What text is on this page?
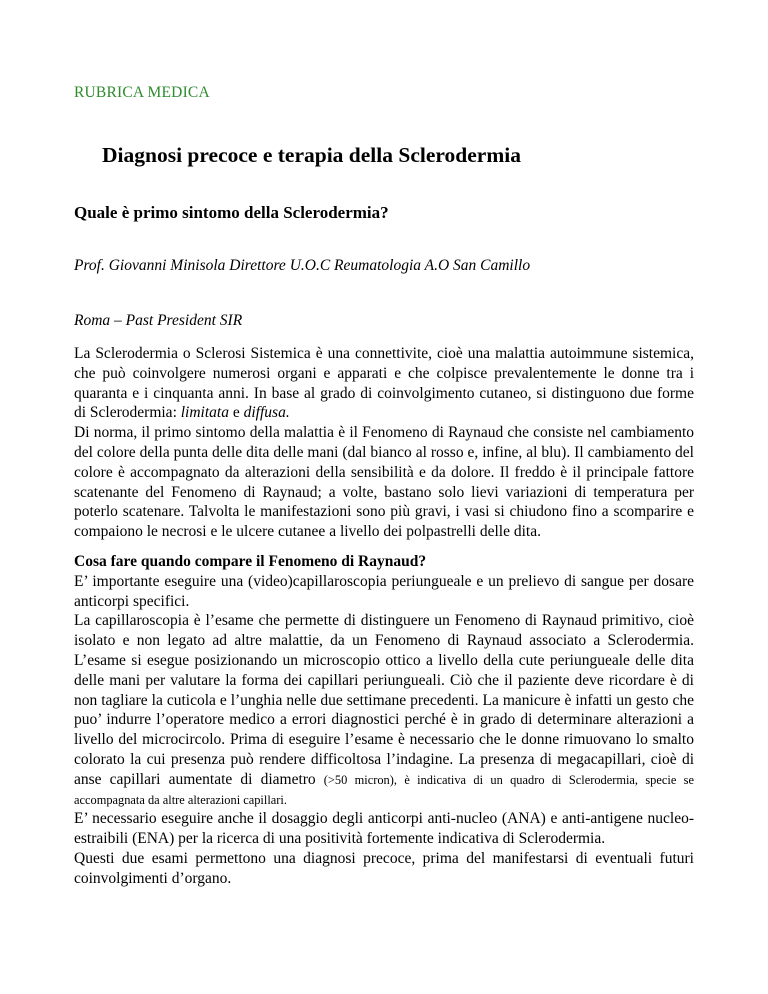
RUBRICA MEDICA
Diagnosi precoce e terapia della Sclerodermia
Quale è primo sintomo della Sclerodermia?

Prof. Giovanni Minisola Direttore U.O.C Reumatologia A.O San Camillo

Roma – Past President SIR

La Sclerodermia o Sclerosi Sistemica è una connettivite, cioè una malattia autoimmune sistemica, che può coinvolgere numerosi organi e apparati e che colpisce prevalentemente le donne tra i quaranta e i cinquanta anni. In base al grado di coinvolgimento cutaneo, si distinguono due forme di Sclerodermia: limitata e diffusa.

Di norma, il primo sintomo della malattia è il Fenomeno di Raynaud che consiste nel cambiamento del colore della punta delle dita delle mani (dal bianco al rosso e, infine, al blu). Il cambiamento del colore è accompagnato da alterazioni della sensibilità e da dolore. Il freddo è il principale fattore scatenante del Fenomeno di Raynaud; a volte, bastano solo lievi variazioni di temperatura per poterlo scatenare. Talvolta le manifestazioni sono più gravi, i vasi si chiudono fino a scomparire e compaiono le necrosi e le ulcere cutanee a livello dei polpastrelli delle dita.

Cosa fare quando compare il Fenomeno di Raynaud?

E’ importante eseguire una (video)capillaroscopia periungueale e un prelievo di sangue per dosare anticorpi specifici.

La capillaroscopia è l’esame che permette di distinguere un Fenomeno di Raynaud primitivo, cioè isolato e non legato ad altre malattie, da un Fenomeno di Raynaud associato a Sclerodermia. L’esame si esegue posizionando un microscopio ottico a livello della cute periungueale delle dita delle mani per valutare la forma dei capillari periungueali. Ciò che il paziente deve ricordare è di non tagliare la cuticola e l’unghia nelle due settimane precedenti. La manicure è infatti un gesto che puo’ indurre l’operatore medico a errori diagnostici perché è in grado di determinare alterazioni a livello del microcircolo. Prima di eseguire l’esame è necessario che le donne rimuovano lo smalto colorato la cui presenza può rendere difficoltosa l’indagine. La presenza di megacapillari, cioè di anse capillari aumentate di diametro (>50 micron), è indicativa di un quadro di Sclerodermia, specie se accompagnata da altre alterazioni capillari.

E’ necessario eseguire anche il dosaggio degli anticorpi anti-nucleo (ANA) e anti-antigene nucleo-estraibili (ENA) per la ricerca di una positività fortemente indicativa di Sclerodermia.

Questi due esami permettono una diagnosi precoce, prima del manifestarsi di eventuali futuri coinvolgimenti d’organo.
